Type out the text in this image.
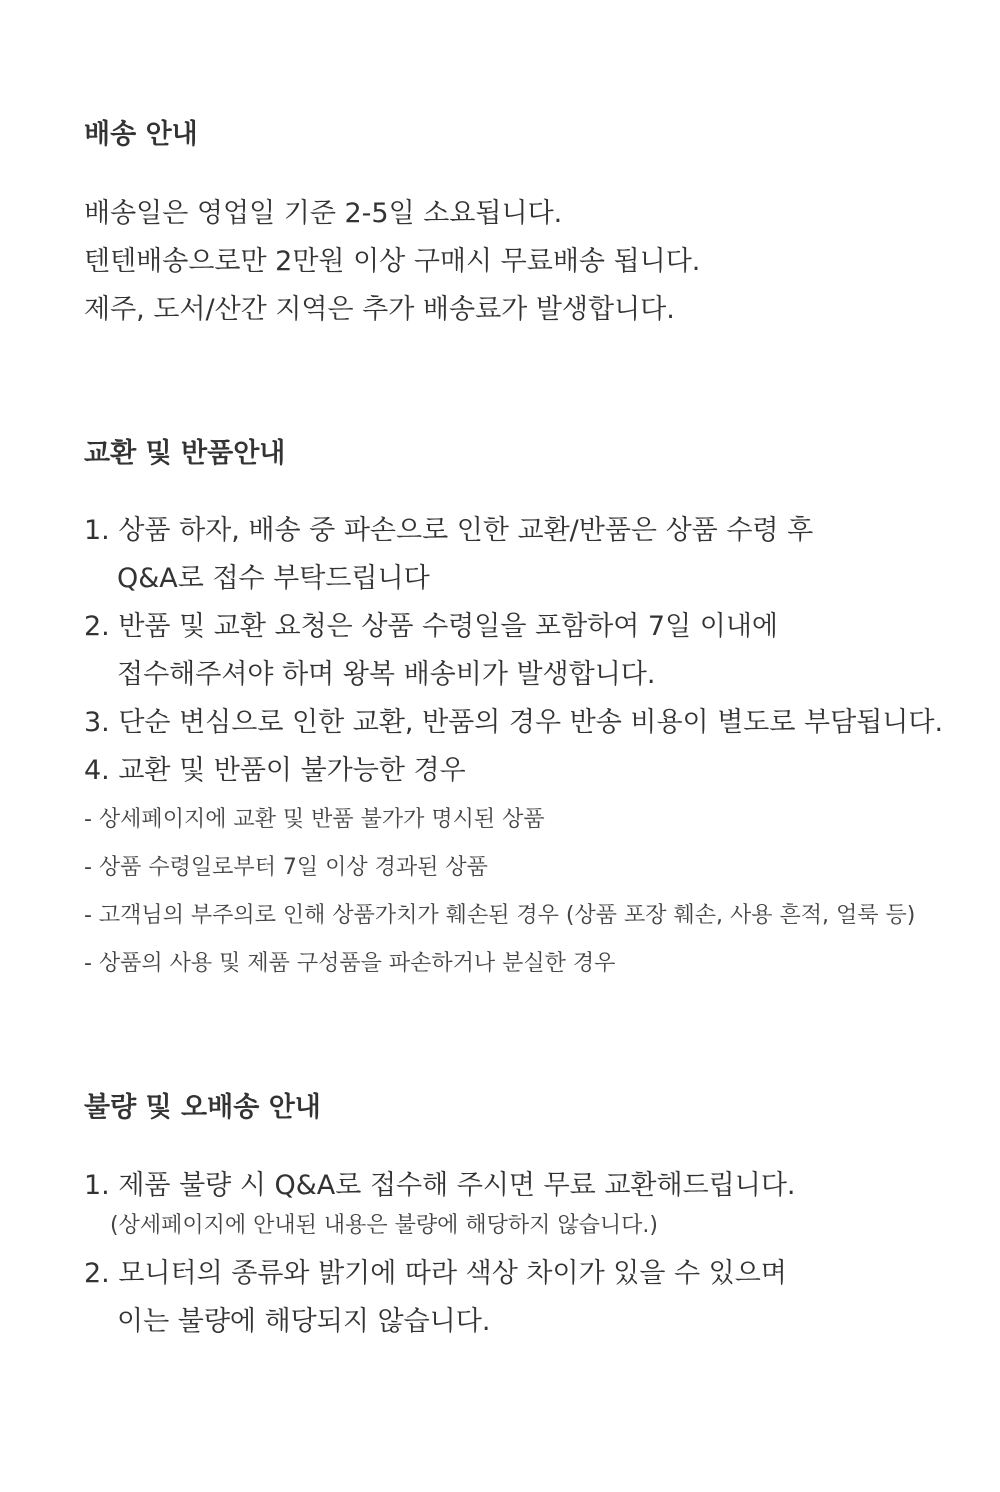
배송 안내
배송일은 영업일 기준 2-5일 소요됩니다.
텐텐배송으로만 2만원 이상 구매시 무료배송 됩니다.
제주, 도서/산간 지역은 추가 배송료가 발생합니다.
교환 및 반품안내
1. 상품 하자, 배송 중 파손으로 인한 교환/반품은 상품 수령 후
Q&A로 접수 부탁드립니다
2. 반품 및 교환 요청은 상품 수령일을 포함하여 7일 이내에
접수해주셔야 하며 왕복 배송비가 발생합니다.
3. 단순 변심으로 인한 교환, 반품의 경우 반송 비용이 별도로 부담됩니다.
4. 교환 및 반품이 불가능한 경우
- 상세페이지에 교환 및 반품 불가가 명시된 상품
- 상품 수령일로부터 7일 이상 경과된 상품
- 고객님의 부주의로 인해 상품가치가 훼손된 경우 (상품 포장 훼손, 사용 흔적, 얼룩 등)
- 상품의 사용 및 제품 구성품을 파손하거나 분실한 경우
불량 및 오배송 안내
1. 제품 불량 시 Q&A로 접수해 주시면 무료 교환해드립니다.
(상세페이지에 안내된 내용은 불량에 해당하지 않습니다.)
2. 모니터의 종류와 밝기에 따라 색상 차이가 있을 수 있으며
이는 불량에 해당되지 않습니다.
